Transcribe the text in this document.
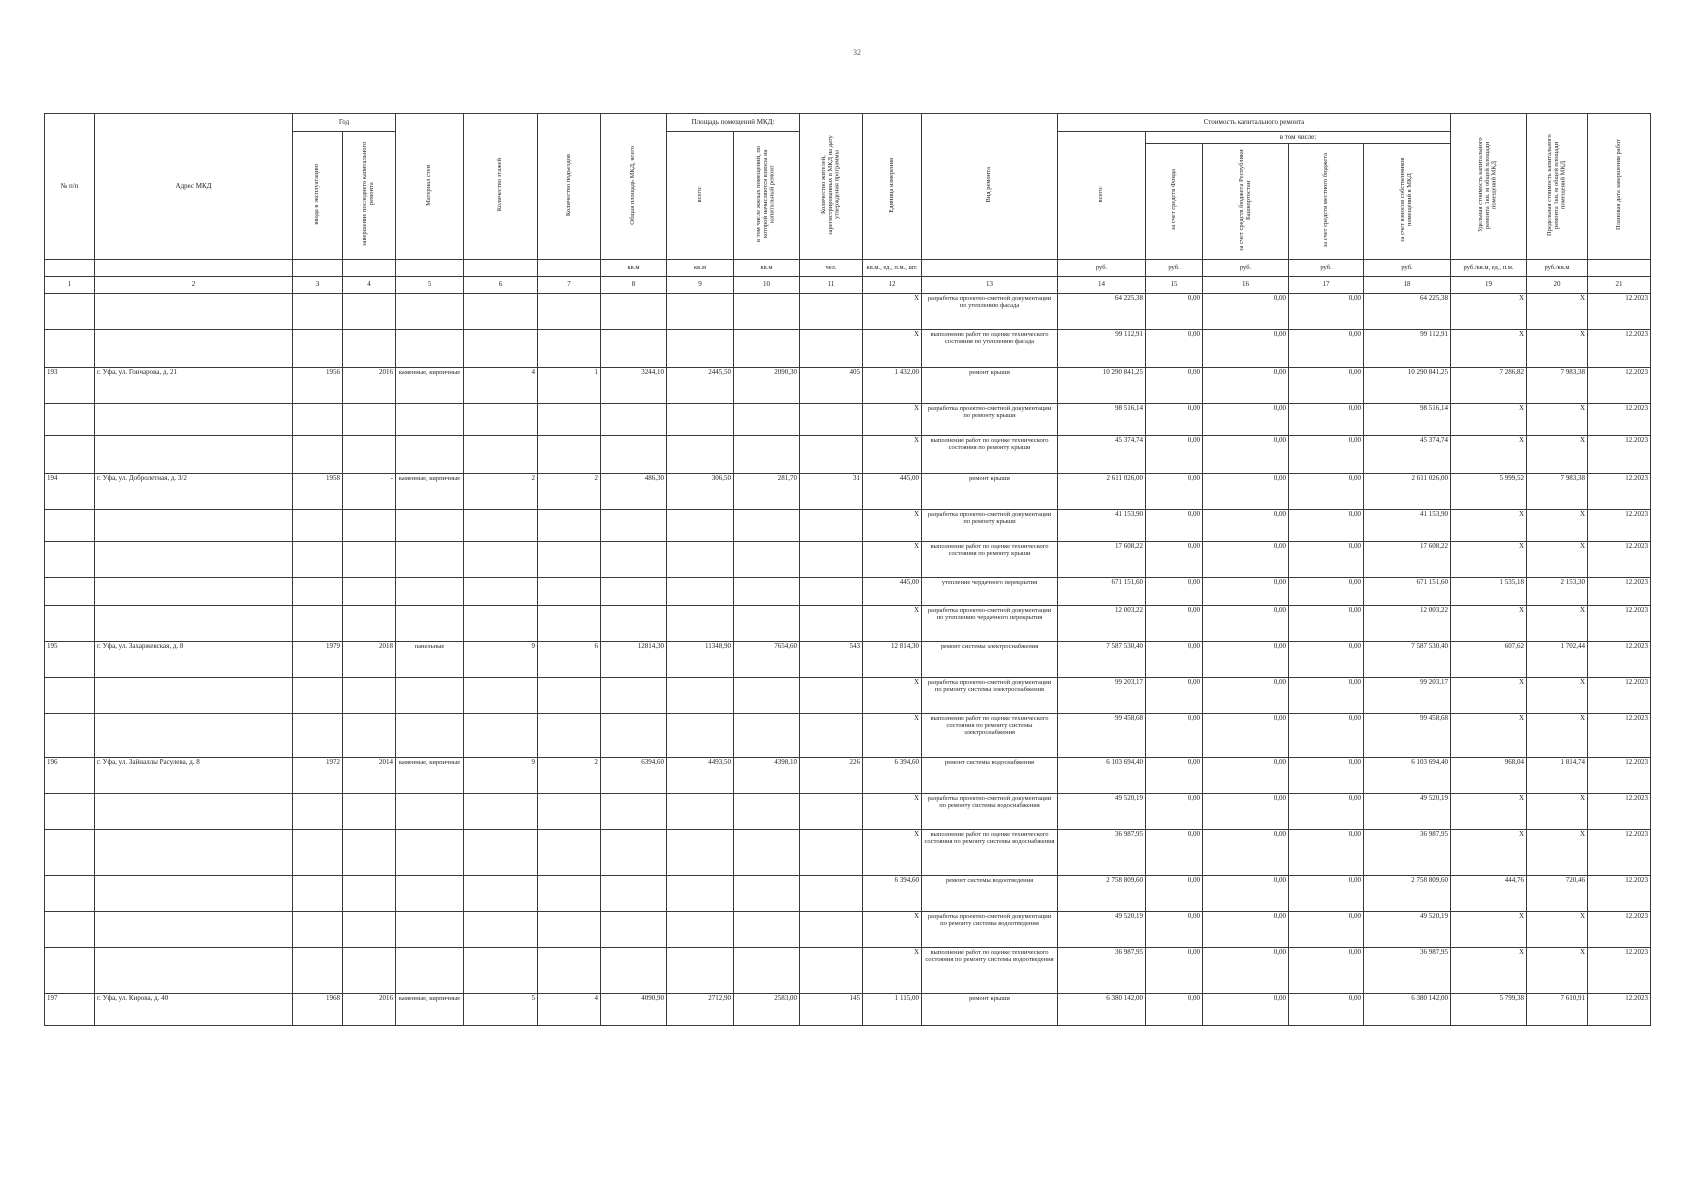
32
№ п/п	Адрес МКД	Год		Материал стен	Количество этажей	Количество подъездов	Общая площадь МКД, всего	Площадь помещений МКД:		Количество жителей, зарегистрированных в МКД на дату утверждения программы	Единица измерения	Вид ремонта	Стоимость капитального ремонта					Удельная стоимость капитального ремонта 1кв. м общей площади помещений МКД	Предельная стоимость капитального ремонта 1кв. м общей площади помещений МКД	Плановая дата завершения работ
		ввода в эксплуатацию	завершение последнего капитального ремонта					всего:	в том числе жилых помещений, по которой начисляются взносы на капитальный ремонт				всего:	в том числе:						
														за счет средств Фонда	за счет средств бюджета Республики Башкортостан	за счет средств местного бюджета	за счет взносов собственников помещений в МКД			
							кв.м	кв.м	кв.м	чел.	кв.м., ед., п.м., шт.		руб.	руб.	руб.	руб.	руб.	руб./кв.м, ед., п.м.	руб./кв.м	
1	2	3	4	5	6	7	8	9	10	11	12	13	14	15	16	17	18	19	20	21
											X	разработка проектно-сметной документации по утеплению фасада	64 225,38	0,00	0,00	0,00	64 225,38	X	X	12.2023
											X	выполнение работ по оценке технического состояния по утеплению фасада	99 112,91	0,00	0,00	0,00	99 112,91	X	X	12.2023
193	г. Уфа, ул. Гончарова, д. 21	1956	2016	каменные, кирпичные	4	1	3244,10	2445,50	2090,30	405	1 432,00	ремонт крыши	10 290 841,25	0,00	0,00	0,00	10 290 841,25	7 286,82	7 983,38	12.2023
											X	разработка проектно-сметной документации по ремонту крыши	98 516,14	0,00	0,00	0,00	98 516,14	X	X	12.2023
											X	выполнение работ по оценке технического состояния по ремонту крыши	45 374,74	0,00	0,00	0,00	45 374,74	X	X	12.2023
194	г. Уфа, ул. Добролетная, д. 3/2	1958	-	каменные, кирпичные	2	2	486,30	306,50	281,70	31	445,00	ремонт крыши	2 611 026,00	0,00	0,00	0,00	2 611 026,00	5 999,52	7 983,38	12.2023
											X	разработка проектно-сметной документации по ремонту крыши	41 153,90	0,00	0,00	0,00	41 153,90	X	X	12.2023
											X	выполнение работ по оценке технического состояния по ремонту крыши	17 608,22	0,00	0,00	0,00	17 608,22	X	X	12.2023
											445,00	утепление чердачного перекрытия	671 151,60	0,00	0,00	0,00	671 151,60	1 535,18	2 153,30	12.2023
											X	разработка проектно-сметной документации по утеплению чердачного перекрытия	12 003,22	0,00	0,00	0,00	12 003,22	X	X	12.2023
195	г. Уфа, ул. Захаржевская, д. 8	1979	2018	панельные	9	6	12814,30	11348,90	7654,60	543	12 814,30	ремонт системы электроснабжения	7 587 530,40	0,00	0,00	0,00	7 587 530,40	607,62	1 702,44	12.2023
											X	разработка проектно-сметной документации по ремонту системы электроснабжения	99 203,17	0,00	0,00	0,00	99 203,17	X	X	12.2023
											X	выполнение работ по оценке технического состояния по ремонту системы электроснабжения	99 458,68	0,00	0,00	0,00	99 458,68	X	X	12.2023
196	г. Уфа, ул. Зайналлы Расулева, д. 8	1972	2014	каменные, кирпичные	9	2	6394,60	4493,50	4398,10	226	6 394,60	ремонт системы водоснабжения	6 103 694,40	0,00	0,00	0,00	6 103 694,40	968,04	1 814,74	12.2023
											X	разработка проектно-сметной документации по ремонту системы водоснабжения	49 520,19	0,00	0,00	0,00	49 520,19	X	X	12.2023
											X	выполнение работ по оценке технического состояния по ремонту системы водоснабжения	36 987,95	0,00	0,00	0,00	36 987,95	X	X	12.2023
											6 394,60	ремонт системы водоотведения	2 758 809,60	0,00	0,00	0,00	2 758 809,60	444,76	720,46	12.2023
											X	разработка проектно-сметной документации по ремонту системы водоотведения	49 520,19	0,00	0,00	0,00	49 520,19	X	X	12.2023
											X	выполнение работ по оценке технического состояния по ремонту системы водоотведения	36 987,95	0,00	0,00	0,00	36 987,95	X	X	12.2023
197	г. Уфа, ул. Кирова, д. 40	1968	2016	каменные, кирпичные	5	4	4090,90	2712,90	2583,00	145	1 115,00	ремонт крыши	6 380 142,00	0,00	0,00	0,00	6 380 142,00	5 799,38	7 610,91	12.2023
